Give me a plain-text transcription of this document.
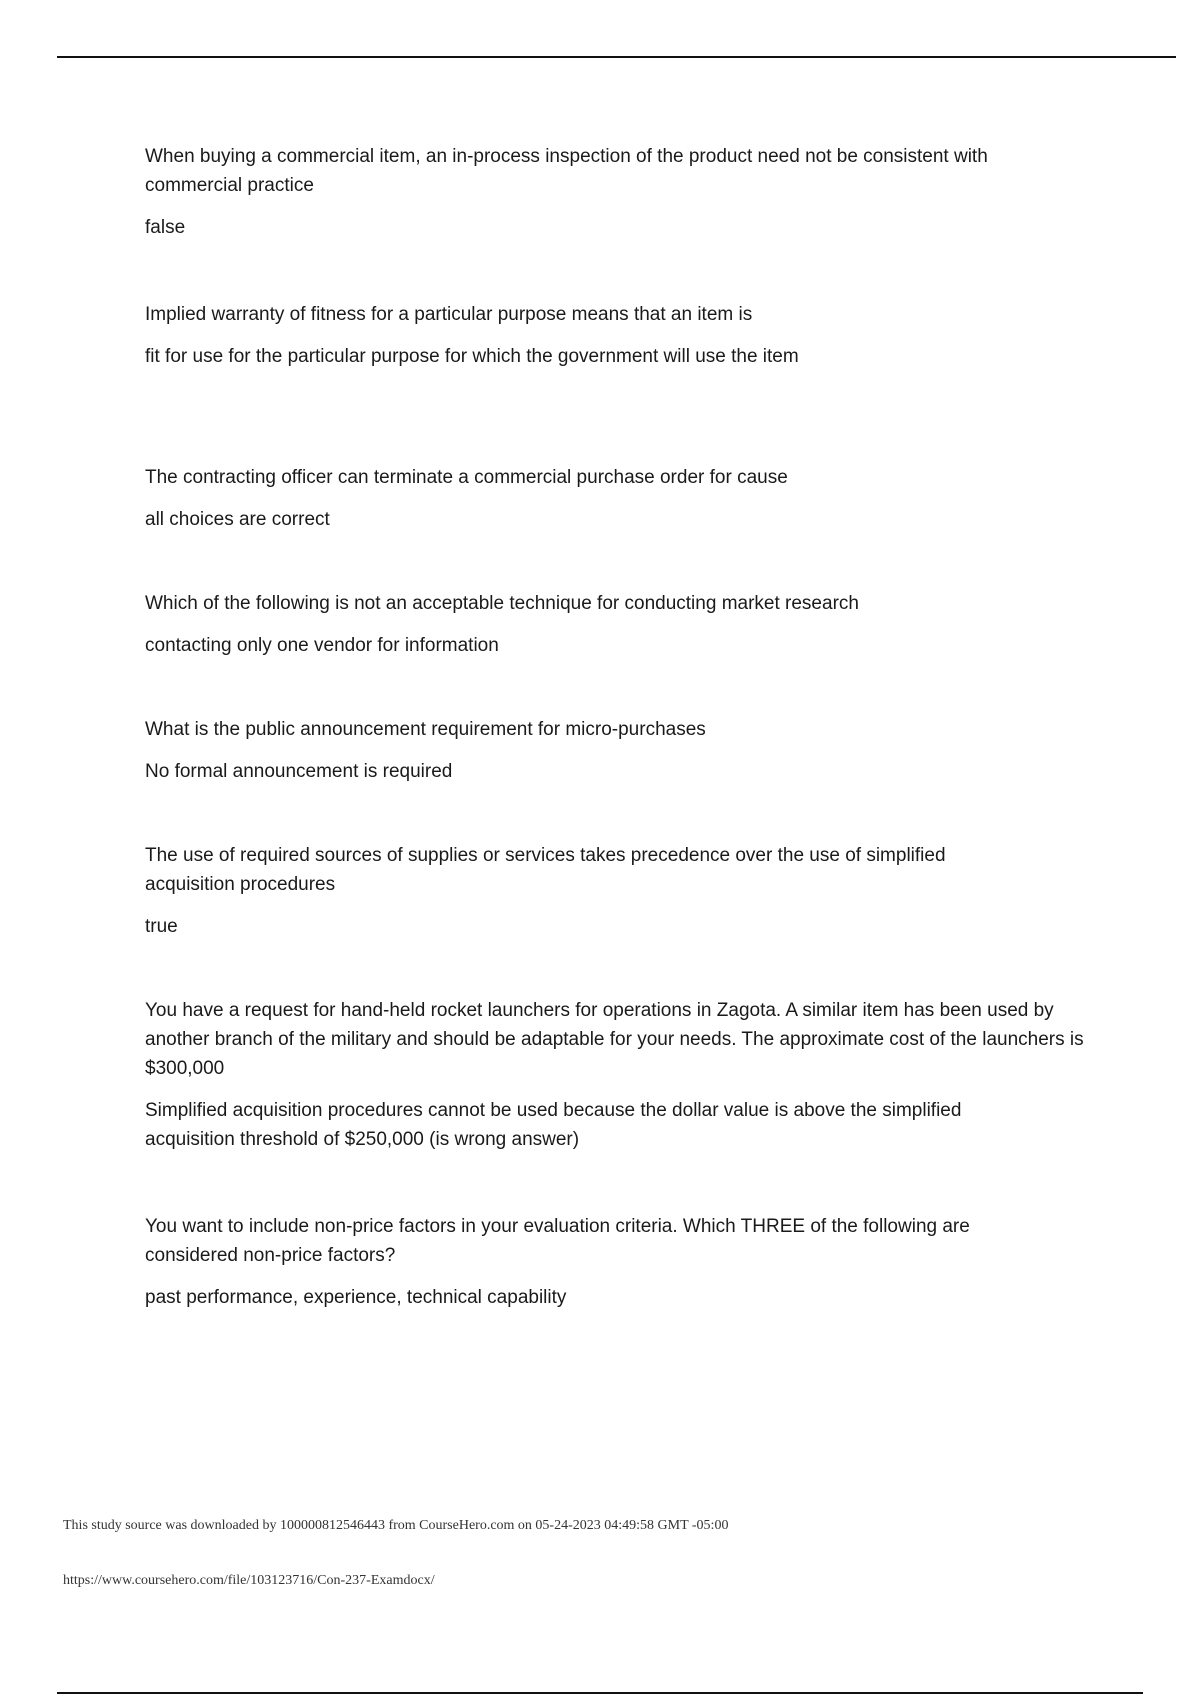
When buying a commercial item, an in-process inspection of the product need not be consistent with commercial practice

false

Implied warranty of fitness for a particular purpose means that an item is

fit for use for the particular purpose for which the government will use the item

The contracting officer can terminate a commercial purchase order for cause

all choices are correct

Which of the following is not an acceptable technique for conducting market research

contacting only one vendor for information

What is the public announcement requirement for micro-purchases

No formal announcement is required

The use of required sources of supplies or services takes precedence over the use of simplified acquisition procedures

true

You have a request for hand-held rocket launchers for operations in Zagota. A similar item has been used by another branch of the military and should be adaptable for your needs. The approximate cost of the launchers is $300,000

Simplified acquisition procedures cannot be used because the dollar value is above the simplified acquisition threshold of $250,000 (is wrong answer)

You want to include non-price factors in your evaluation criteria. Which THREE of the following are considered non-price factors?

past performance, experience, technical capability

This study source was downloaded by 100000812546443 from CourseHero.com on 05-24-2023 04:49:58 GMT -05:00
https://www.coursehero.com/file/103123716/Con-237-Examdocx/
